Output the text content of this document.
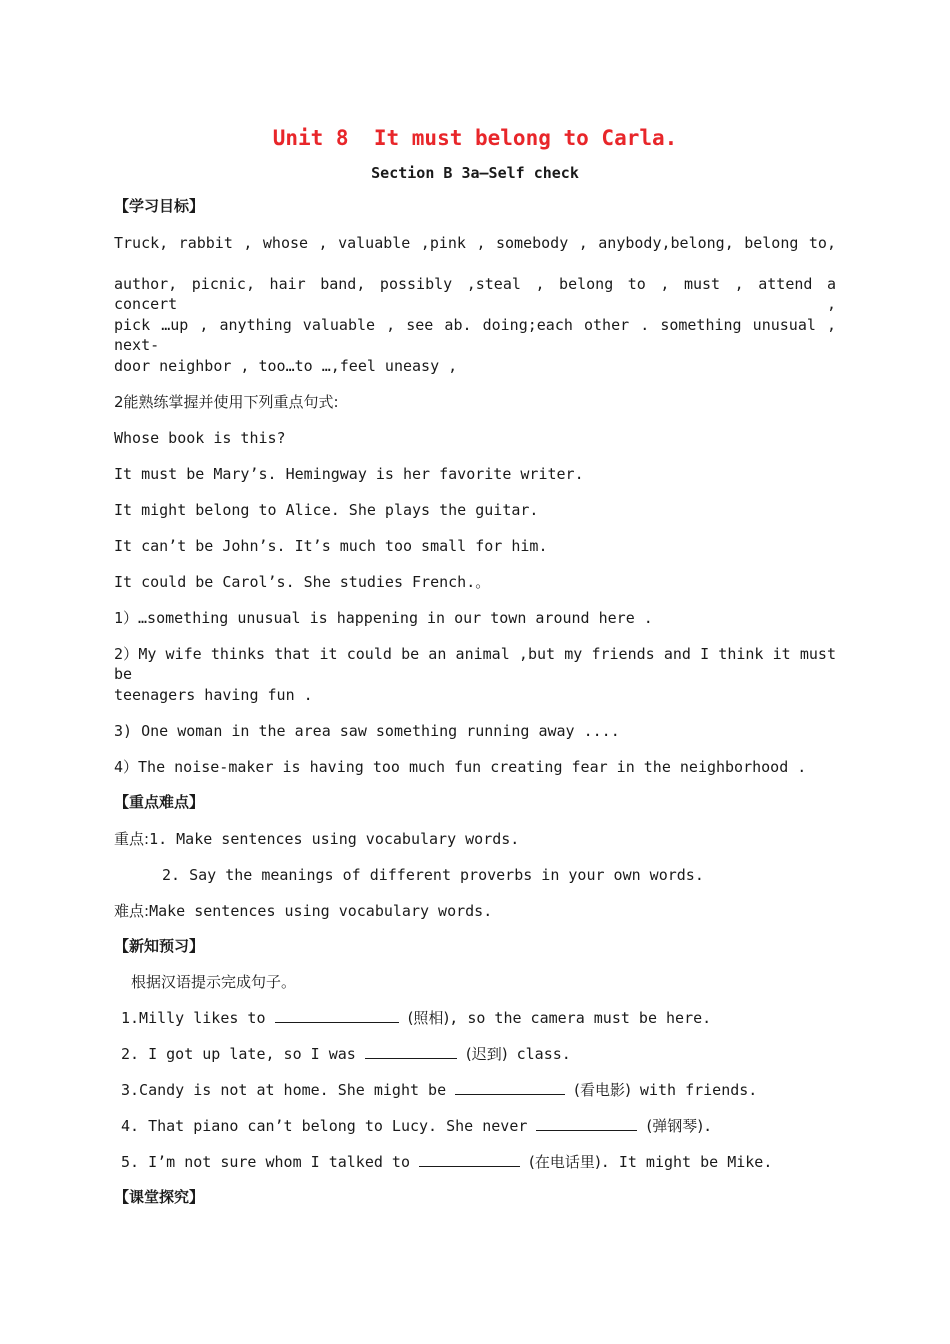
Unit 8  It must belong to Carla.
Section B 3a—Self check
【学习目标】
Truck, rabbit , whose , valuable ,pink , somebody , anybody,belong, belong to,
author, picnic, hair band, possibly ,steal , belong to , must , attend a concert ,
pick …up , anything valuable , see ab. doing;each other . something unusual , next-
door neighbor , too…to …,feel uneasy ,
2能熟练掌握并使用下列重点句式:
Whose book is this?
It must be Mary’s. Hemingway is her favorite writer.
It might belong to Alice. She plays the guitar.
It can’t be John’s. It’s much too small for him.
It could be Carol’s. She studies French.。
1）…something unusual is happening in our town around here .
2）My wife thinks that it could be an animal ,but my friends and I think it must be
teenagers having fun .
3) One woman in the area saw something running away ....
4）The noise-maker is having too much fun creating fear in the neighborhood .
【重点难点】
重点:1. Make sentences using vocabulary words.
2. Say the meanings of different proverbs in your own words.
难点:Make sentences using vocabulary words.
【新知预习】
根据汉语提示完成句子。
1.Milly likes to	(照相), so the camera must be here.
2. I got up late, so I was	(迟到) class.
3.Candy is not at home. She might be	(看电影) with friends.
4. That piano can’t belong to Lucy. She never	(弹钢琴).
5. I’m not sure whom I talked to	(在电话里). It might be Mike.
【课堂探究】
